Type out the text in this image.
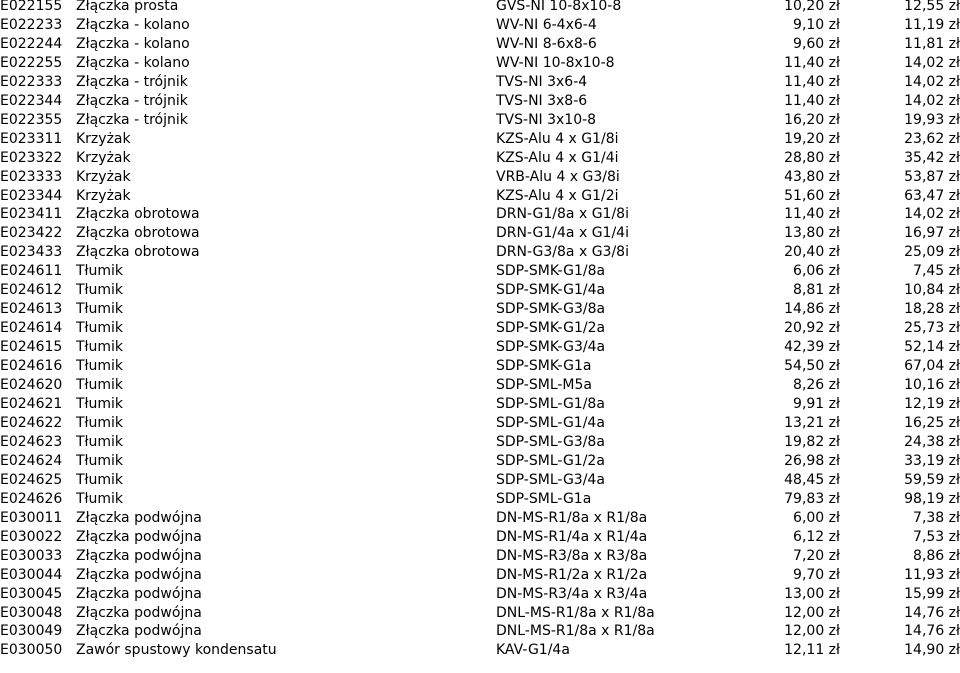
E022155	Złączka prosta	GVS-NI 10-8x10-8	10,20 zł	12,55 zł
E022233	Złączka - kolano	WV-NI 6-4x6-4	9,10 zł	11,19 zł
E022244	Złączka - kolano	WV-NI 8-6x8-6	9,60 zł	11,81 zł
E022255	Złączka - kolano	WV-NI 10-8x10-8	11,40 zł	14,02 zł
E022333	Złączka - trójnik	TVS-NI 3x6-4	11,40 zł	14,02 zł
E022344	Złączka - trójnik	TVS-NI 3x8-6	11,40 zł	14,02 zł
E022355	Złączka - trójnik	TVS-NI 3x10-8	16,20 zł	19,93 zł
E023311	Krzyżak	KZS-Alu 4 x G1/8i	19,20 zł	23,62 zł
E023322	Krzyżak	KZS-Alu 4 x G1/4i	28,80 zł	35,42 zł
E023333	Krzyżak	VRB-Alu 4 x G3/8i	43,80 zł	53,87 zł
E023344	Krzyżak	KZS-Alu 4 x G1/2i	51,60 zł	63,47 zł
E023411	Złączka obrotowa	DRN-G1/8a x G1/8i	11,40 zł	14,02 zł
E023422	Złączka obrotowa	DRN-G1/4a x G1/4i	13,80 zł	16,97 zł
E023433	Złączka obrotowa	DRN-G3/8a x G3/8i	20,40 zł	25,09 zł
E024611	Tłumik	SDP-SMK-G1/8a	6,06 zł	7,45 zł
E024612	Tłumik	SDP-SMK-G1/4a	8,81 zł	10,84 zł
E024613	Tłumik	SDP-SMK-G3/8a	14,86 zł	18,28 zł
E024614	Tłumik	SDP-SMK-G1/2a	20,92 zł	25,73 zł
E024615	Tłumik	SDP-SMK-G3/4a	42,39 zł	52,14 zł
E024616	Tłumik	SDP-SMK-G1a	54,50 zł	67,04 zł
E024620	Tłumik	SDP-SML-M5a	8,26 zł	10,16 zł
E024621	Tłumik	SDP-SML-G1/8a	9,91 zł	12,19 zł
E024622	Tłumik	SDP-SML-G1/4a	13,21 zł	16,25 zł
E024623	Tłumik	SDP-SML-G3/8a	19,82 zł	24,38 zł
E024624	Tłumik	SDP-SML-G1/2a	26,98 zł	33,19 zł
E024625	Tłumik	SDP-SML-G3/4a	48,45 zł	59,59 zł
E024626	Tłumik	SDP-SML-G1a	79,83 zł	98,19 zł
E030011	Złączka podwójna	DN-MS-R1/8a x R1/8a	6,00 zł	7,38 zł
E030022	Złączka podwójna	DN-MS-R1/4a x R1/4a	6,12 zł	7,53 zł
E030033	Złączka podwójna	DN-MS-R3/8a x R3/8a	7,20 zł	8,86 zł
E030044	Złączka podwójna	DN-MS-R1/2a x R1/2a	9,70 zł	11,93 zł
E030045	Złączka podwójna	DN-MS-R3/4a x R3/4a	13,00 zł	15,99 zł
E030048	Złączka podwójna	DNL-MS-R1/8a x R1/8a	12,00 zł	14,76 zł
E030049	Złączka podwójna	DNL-MS-R1/8a x R1/8a	12,00 zł	14,76 zł
E030050	Zawór spustowy kondensatu	KAV-G1/4a	12,11 zł	14,90 zł
